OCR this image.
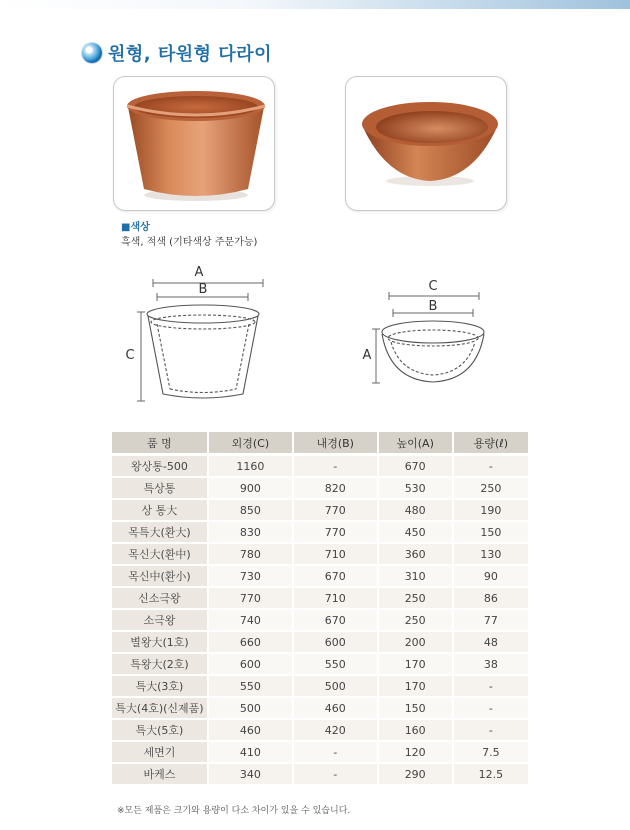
원형, 타원형 다라이
■색상
흑색, 적색 (기타색상 주문가능)
A
B
C
C
B
A
품 명	외경(C)	내경(B)	높이(A)	용량(ℓ)
왕상통-500	1160	-	670	-
특상통	900	820	530	250
상 통大	850	770	480	190
목특大(환大)	830	770	450	150
목신大(환中)	780	710	360	130
목신中(환小)	730	670	310	90
신소극왕	770	710	250	86
소극왕	740	670	250	77
별왕大(1호)	660	600	200	48
특왕大(2호)	600	550	170	38
특大(3호)	550	500	170	-
특大(4호)(신제품)	500	460	150	-
특大(5호)	460	420	160	-
세면기	410	-	120	7.5
바케스	340	-	290	12.5
※모든 제품은 크기와 용량이 다소 차이가 있을 수 있습니다.
